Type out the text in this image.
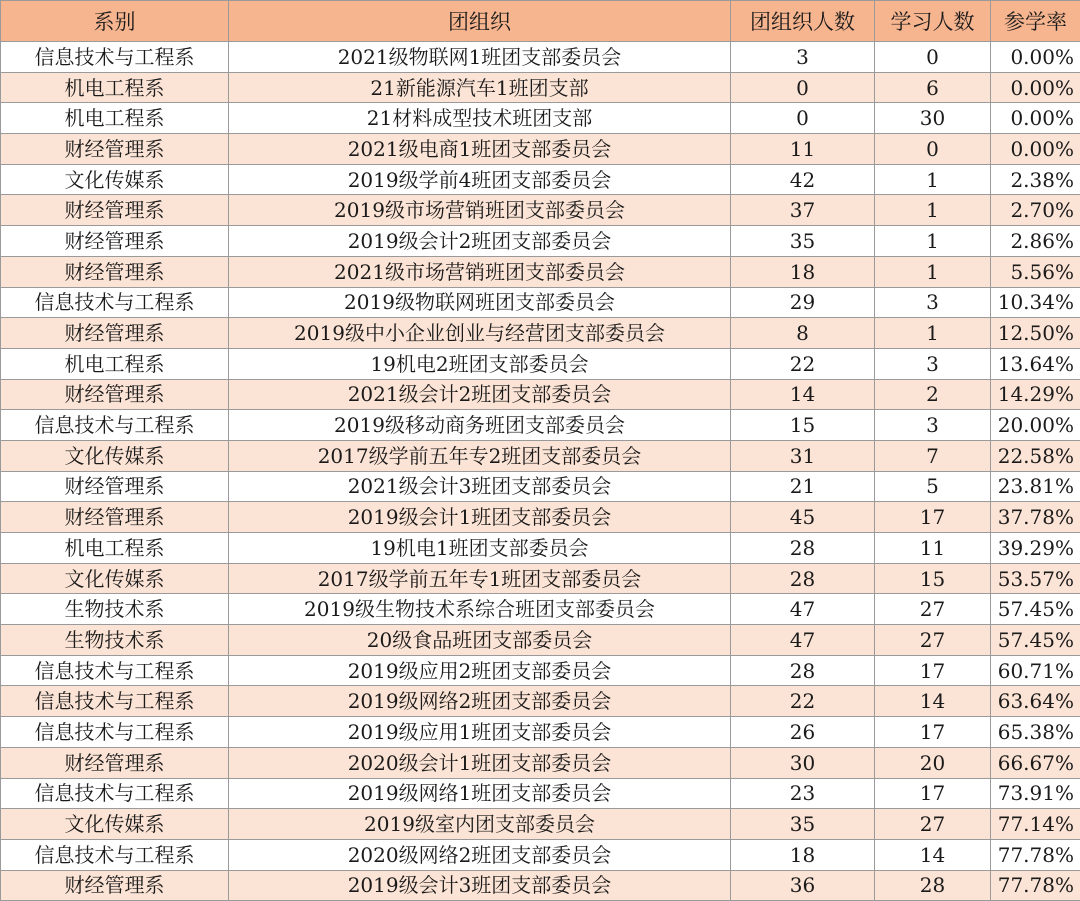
系别	团组织	团组织人数	学习人数	参学率
信息技术与工程系	2021级物联网1班团支部委员会	3	0	0.00%
机电工程系	21新能源汽车1班团支部	0	6	0.00%
机电工程系	21材料成型技术班团支部	0	30	0.00%
财经管理系	2021级电商1班团支部委员会	11	0	0.00%
文化传媒系	2019级学前4班团支部委员会	42	1	2.38%
财经管理系	2019级市场营销班团支部委员会	37	1	2.70%
财经管理系	2019级会计2班团支部委员会	35	1	2.86%
财经管理系	2021级市场营销班团支部委员会	18	1	5.56%
信息技术与工程系	2019级物联网班团支部委员会	29	3	10.34%
财经管理系	2019级中小企业创业与经营团支部委员会	8	1	12.50%
机电工程系	19机电2班团支部委员会	22	3	13.64%
财经管理系	2021级会计2班团支部委员会	14	2	14.29%
信息技术与工程系	2019级移动商务班团支部委员会	15	3	20.00%
文化传媒系	2017级学前五年专2班团支部委员会	31	7	22.58%
财经管理系	2021级会计3班团支部委员会	21	5	23.81%
财经管理系	2019级会计1班团支部委员会	45	17	37.78%
机电工程系	19机电1班团支部委员会	28	11	39.29%
文化传媒系	2017级学前五年专1班团支部委员会	28	15	53.57%
生物技术系	2019级生物技术系综合班团支部委员会	47	27	57.45%
生物技术系	20级食品班团支部委员会	47	27	57.45%
信息技术与工程系	2019级应用2班团支部委员会	28	17	60.71%
信息技术与工程系	2019级网络2班团支部委员会	22	14	63.64%
信息技术与工程系	2019级应用1班团支部委员会	26	17	65.38%
财经管理系	2020级会计1班团支部委员会	30	20	66.67%
信息技术与工程系	2019级网络1班团支部委员会	23	17	73.91%
文化传媒系	2019级室内团支部委员会	35	27	77.14%
信息技术与工程系	2020级网络2班团支部委员会	18	14	77.78%
财经管理系	2019级会计3班团支部委员会	36	28	77.78%
